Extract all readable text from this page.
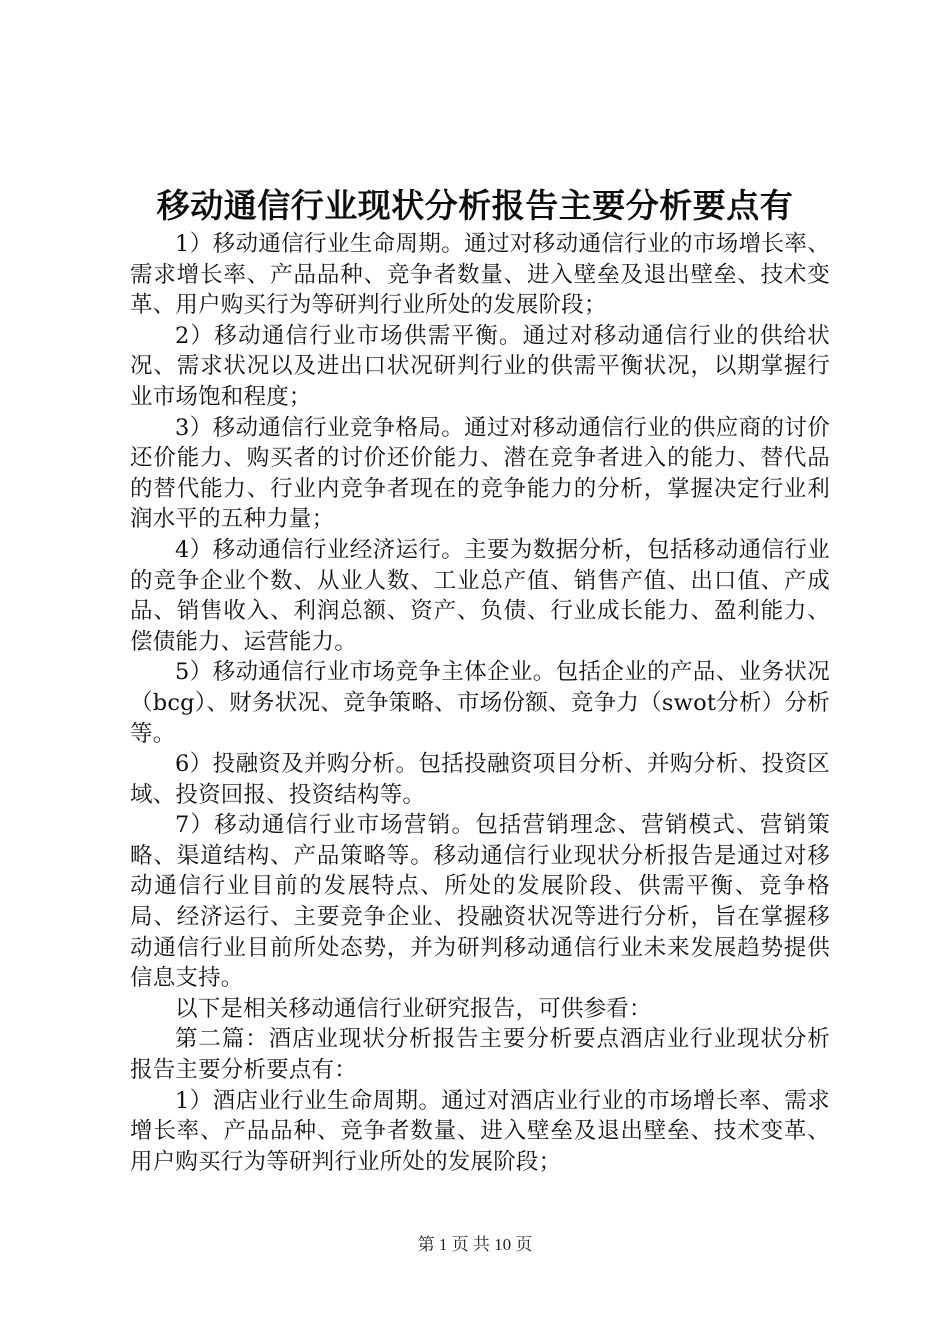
移动通信行业现状分析报告主要分析要点有

1）移动通信行业生命周期。通过对移动通信行业的市场增长率、需求增长率、产品品种、竞争者数量、进入壁垒及退出壁垒、技术变革、用户购买行为等研判行业所处的发展阶段；

2）移动通信行业市场供需平衡。通过对移动通信行业的供给状况、需求状况以及进出口状况研判行业的供需平衡状况，以期掌握行业市场饱和程度；

3）移动通信行业竞争格局。通过对移动通信行业的供应商的讨价还价能力、购买者的讨价还价能力、潜在竞争者进入的能力、替代品的替代能力、行业内竞争者现在的竞争能力的分析，掌握决定行业利润水平的五种力量；

4）移动通信行业经济运行。主要为数据分析，包括移动通信行业的竞争企业个数、从业人数、工业总产值、销售产值、出口值、产成品、销售收入、利润总额、资产、负债、行业成长能力、盈利能力、偿债能力、运营能力。

5）移动通信行业市场竞争主体企业。包括企业的产品、业务状况（bcg）、财务状况、竞争策略、市场份额、竞争力（swot分析）分析等。

6）投融资及并购分析。包括投融资项目分析、并购分析、投资区域、投资回报、投资结构等。

7）移动通信行业市场营销。包括营销理念、营销模式、营销策略、渠道结构、产品策略等。移动通信行业现状分析报告是通过对移动通信行业目前的发展特点、所处的发展阶段、供需平衡、竞争格局、经济运行、主要竞争企业、投融资状况等进行分析，旨在掌握移动通信行业目前所处态势，并为研判移动通信行业未来发展趋势提供信息支持。

以下是相关移动通信行业研究报告，可供参看：

第二篇：酒店业现状分析报告主要分析要点酒店业行业现状分析报告主要分析要点有：

1）酒店业行业生命周期。通过对酒店业行业的市场增长率、需求增长率、产品品种、竞争者数量、进入壁垒及退出壁垒、技术变革、用户购买行为等研判行业所处的发展阶段；

第 1 页 共 10 页
